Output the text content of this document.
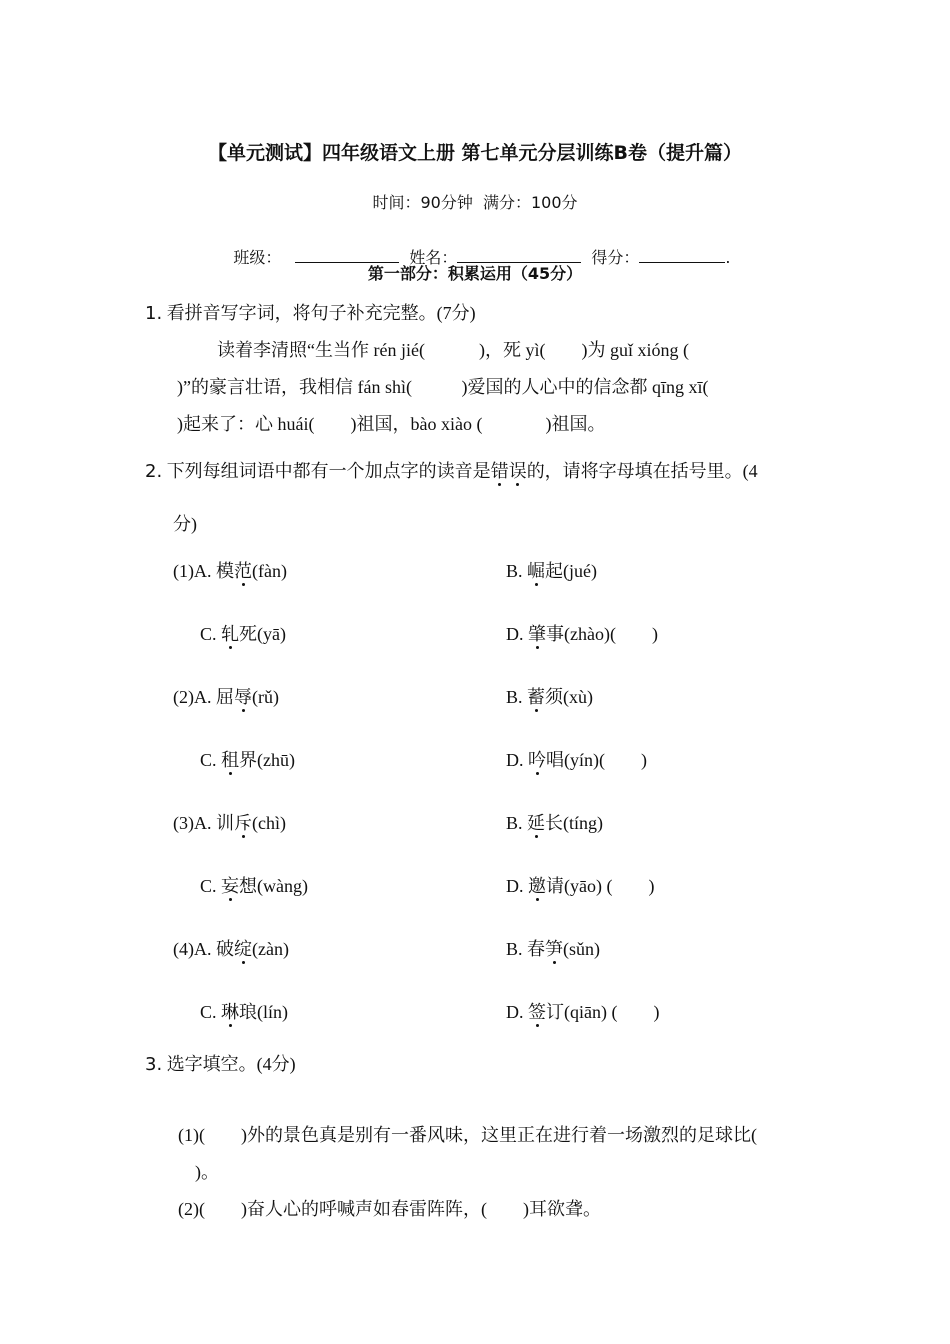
【单元测试】四年级语文上册 第七单元分层训练B卷（提升篇）
时间：90分钟  满分：100分

班级：	姓名：	得分：	.

第一部分：积累运用（45分）
1. 看拼音写字词，将句子补充完整。(7分)
读着李清照“生当作 rén jié(            )，死 yì(        )为 guǐ xióng (
)”的豪言壮语，我相信 fán shì(           )爱国的人心中的信念都 qīng xī(
)起来了：心 huái(        )祖国，bào xiào (              )祖国。
2. 下列每组词语中都有一个加点字的读音是错误的，请将字母填在括号里。(4
分)
(1)A. 模范(fàn)	B. 崛起(jué)
C. 轧死(yā)	D. 肇事(zhào)(        )
(2)A. 屈辱(rǔ)	B. 蓄须(xù)
C. 租界(zhū)	D. 吟唱(yín)(        )
(3)A. 训斥(chì)	B. 延长(tíng)
C. 妄想(wàng)	D. 邀请(yāo) (        )
(4)A. 破绽(zàn)	B. 春笋(sǔn)
C. 琳琅(lín)	D. 签订(qiān) (        )
3. 选字填空。(4分)
(1)(        )外的景色真是别有一番风味，这里正在进行着一场激烈的足球比(
)。
(2)(        )奋人心的呼喊声如春雷阵阵，(        )耳欲聋。
